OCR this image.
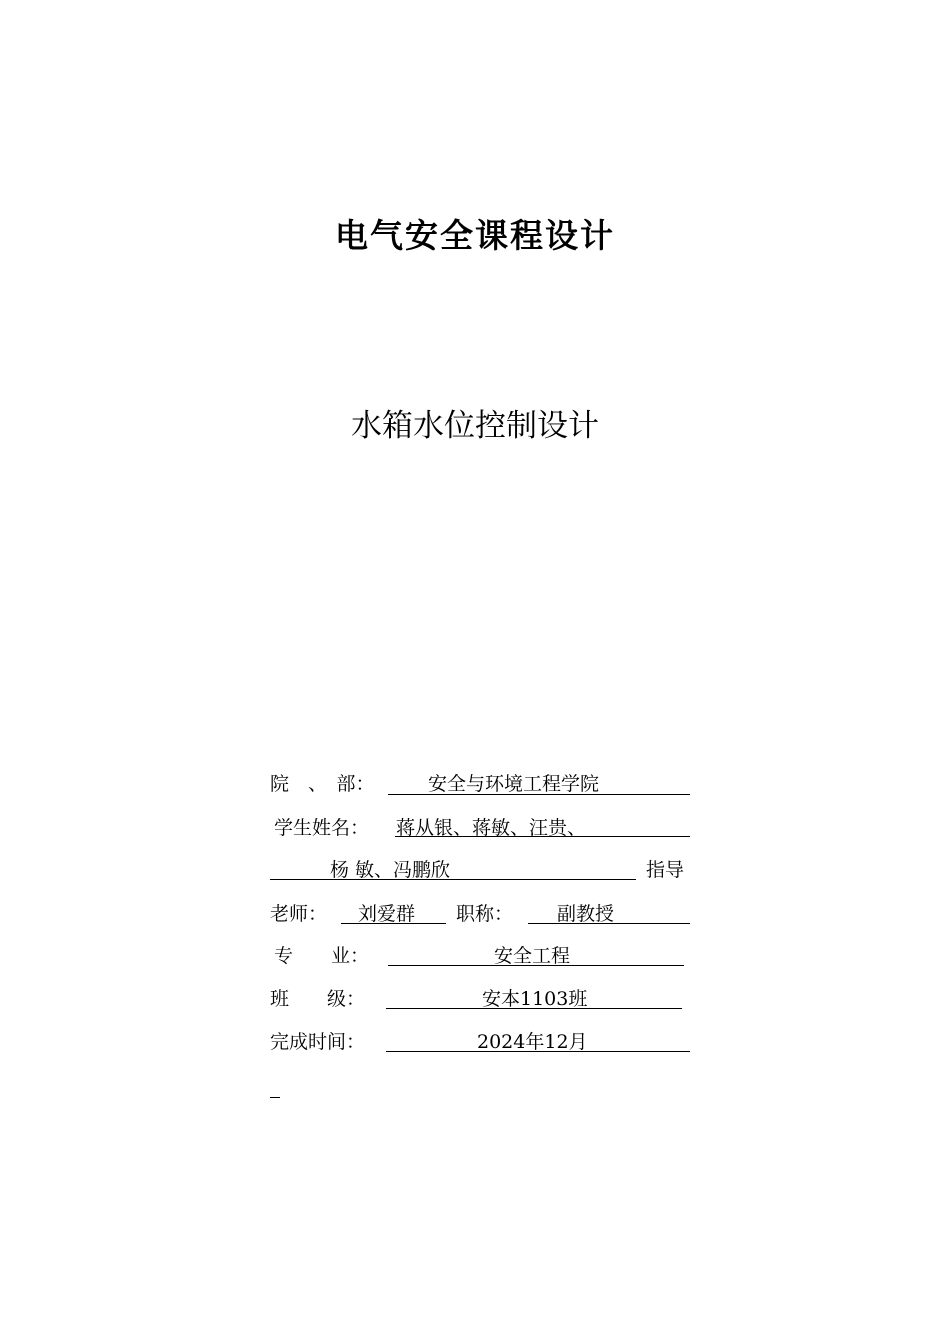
电气安全课程设计
水箱水位控制设计
院　、　部：	安全与环境工程学院
学生姓名： 蒋从银、蒋敏、汪贵、
杨 敏、冯鹏欣	指导
老师： 刘爱群 职称： 副教授
专　　业：	安全工程
班　　级：	安本1103班
完成时间：	2024年12月
